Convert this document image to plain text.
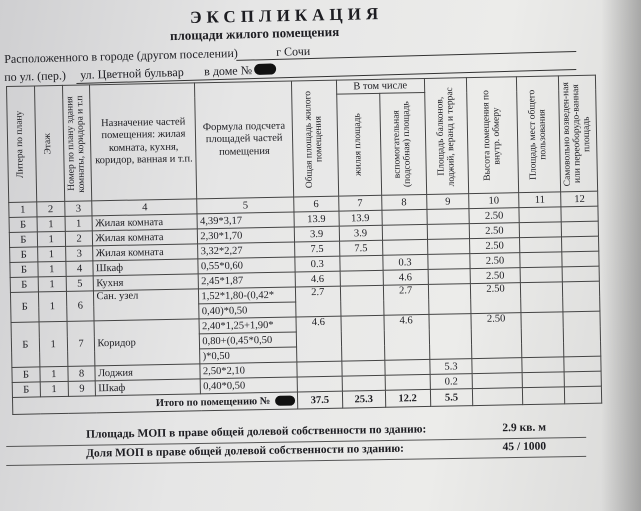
ЭКСПЛИКАЦИЯ
площади жилого помещения
Расположенного в городе (другом поселении)	г Сочи
по ул. (пер.) ул. Цветной бульвар в доме №
Литера по плану	Этаж	Номер по плану здания комнаты, коридора и т.п	Назначение частей помещения: жилая комната, кухня, коридор, ванная и т.п.	Формула подсчета площадей частей помещения	Общая площадь жилого помещения	В том числе		Площадь балконов, лоджий, веранд и террас	Высота помещения по внутр. обмеру	Площадь мест общего пользования	Самовольно возведен-ная или переоборудо-ванная площадь

						жилая площадь	вспомогательная (подсобная) площадь				

1	2	3	4	5	6	7	8	9	10	11	12
Б	1	1	Жилая комната	4,39*3,17	13.9	13.9			2.50		
Б	1	2	Жилая комната	2,30*1,70	3.9	3.9			2.50		
Б	1	3	Жилая комната	3,32*2,27	7.5	7.5			2.50		
Б	1	4	Шкаф	0,55*0,60	0.3		0.3		2.50		
Б	1	5	Кухня	2,45*1,87	4.6		4.6		2.50		
Б	1	6	Сан. узел	1,52*1,80-(0,42*	2.7		2.7		2.50		
				0,40)*0,50							
Б	1	7	Коридор	2,40*1,25+1,90*	4.6		4.6		2.50		
				0,80+(0,45*0,50							
				)*0,50							
Б	1	8	Лоджия	2,50*2,10				5.3			
Б	1	9	Шкаф	0,40*0,50				0.2			
Итого по помещению №					37.5	25.3	12.2	5.5			
Площадь МОП в праве общей долевой собственности по зданию:	2.9 кв. м
Доля МОП в праве общей долевой собственности по зданию:	45 / 1000
